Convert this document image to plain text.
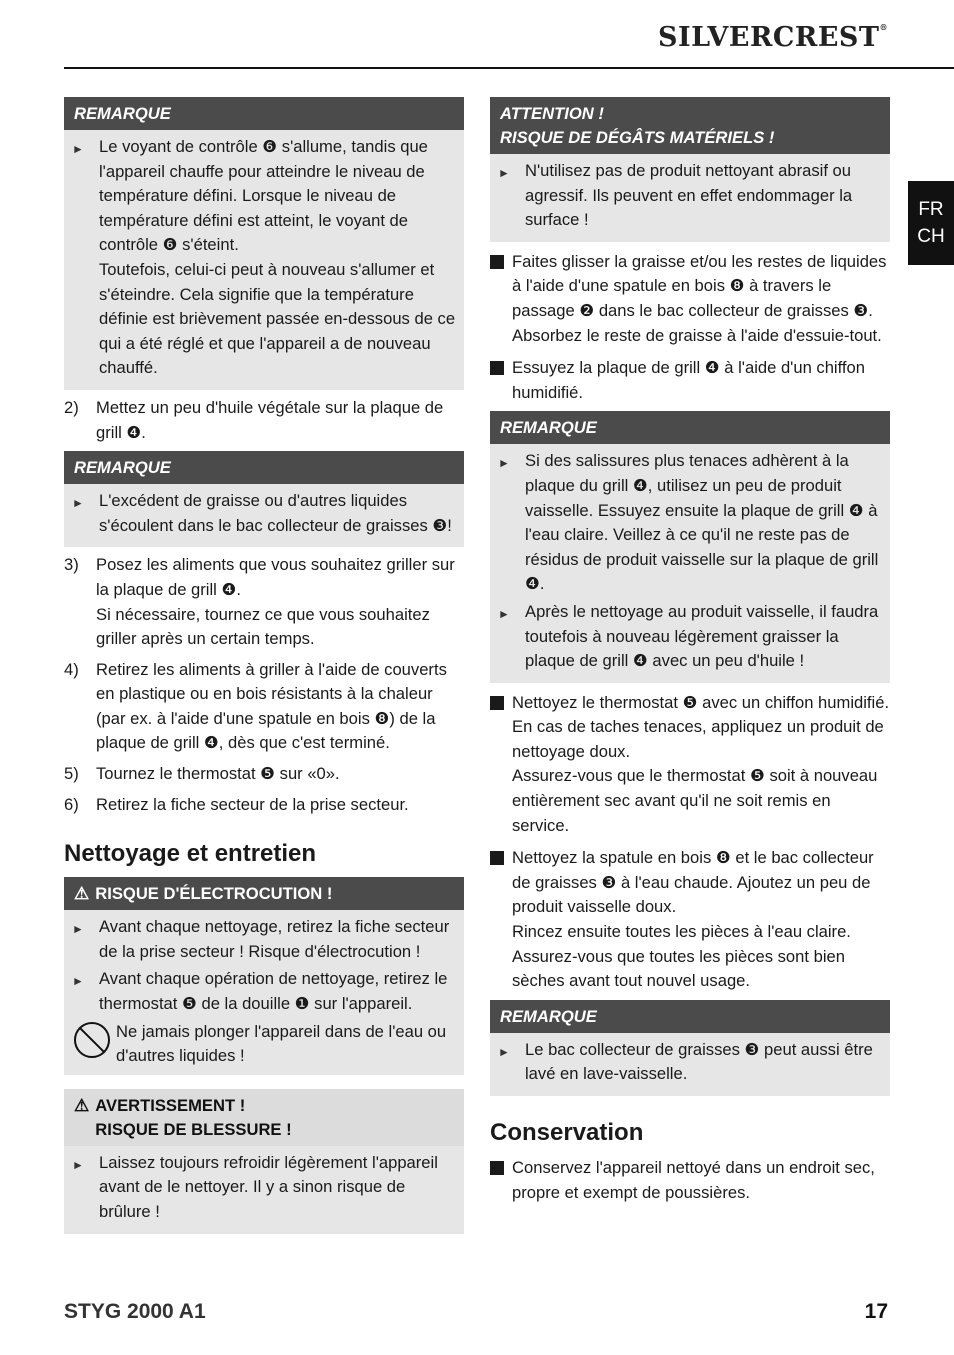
SILVERCREST®
FR
CH
REMARQUE
► Le voyant de contrôle ❻ s'allume, tandis que l'appareil chauffe pour atteindre le niveau de température défini. Lorsque le niveau de température défini est atteint, le voyant de contrôle ❻ s'éteint.

Toutefois, celui-ci peut à nouveau s'allumer et s'éteindre. Cela signifie que la température définie est brièvement passée en-dessous de ce qui a été réglé et que l'appareil a de nouveau chauffé.

2)	Mettez un peu d'huile végétale sur la plaque de grill ❹.
REMARQUE
► L'excédent de graisse ou d'autres liquides s'écoulent dans le bac collecteur de graisses ❸!
3)	Posez les aliments que vous souhaitez griller sur la plaque de grill ❹.

Si nécessaire, tournez ce que vous souhaitez griller après un certain temps.

4)	Retirez les aliments à griller à l'aide de couverts en plastique ou en bois résistants à la chaleur (par ex. à l'aide d'une spatule en bois ❽) de la plaque de grill ❹, dès que c'est terminé.
5)	Tournez le thermostat ❺ sur «0».
6)	Retirez la fiche secteur de la prise secteur.
Nettoyage et entretien
⚠ RISQUE D'ÉLECTROCUTION !
► Avant chaque nettoyage, retirez la fiche secteur de la prise secteur ! Risque d'électrocution !
► Avant chaque opération de nettoyage, retirez le thermostat ❺ de la douille ❶ sur l'appareil.
Ne jamais plonger l'appareil dans de l'eau ou d'autres liquides !
⚠ AVERTISSEMENT !
RISQUE DE BLESSURE !
► Laissez toujours refroidir légèrement l'appareil avant de le nettoyer. Il y a sinon risque de brûlure !
ATTENTION !
RISQUE DE DÉGÂTS MATÉRIELS !
► N'utilisez pas de produit nettoyant abrasif ou agressif. Ils peuvent en effet endommager la surface !
Faites glisser la graisse et/ou les restes de liquides à l'aide d'une spatule en bois ❽ à travers le passage ❷ dans le bac collecteur de graisses ❸. Absorbez le reste de graisse à l'aide d'essuie-tout.
Essuyez la plaque de grill ❹ à l'aide d'un chiffon humidifié.
REMARQUE
► Si des salissures plus tenaces adhèrent à la plaque du grill ❹, utilisez un peu de produit vaisselle. Essuyez ensuite la plaque de grill ❹ à l'eau claire. Veillez à ce qu'il ne reste pas de résidus de produit vaisselle sur la plaque de grill ❹.
► Après le nettoyage au produit vaisselle, il faudra toutefois à nouveau légèrement graisser la plaque de grill ❹ avec un peu d'huile !

Nettoyez le thermostat ❺ avec un chiffon humidifié.

En cas de taches tenaces, appliquez un produit de nettoyage doux.

Assurez-vous que le thermostat ❺ soit à nouveau entièrement sec avant qu'il ne soit remis en service.

Nettoyez la spatule en bois ❽ et le bac collecteur de graisses ❸ à l'eau chaude. Ajoutez un peu de produit vaisselle doux.

Rincez ensuite toutes les pièces à l'eau claire.

Assurez-vous que toutes les pièces sont bien sèches avant tout nouvel usage.

REMARQUE
► Le bac collecteur de graisses ❸ peut aussi être lavé en lave-vaisselle.
Conservation
Conservez l'appareil nettoyé dans un endroit sec, propre et exempt de poussières.
STYG 2000 A1	17
